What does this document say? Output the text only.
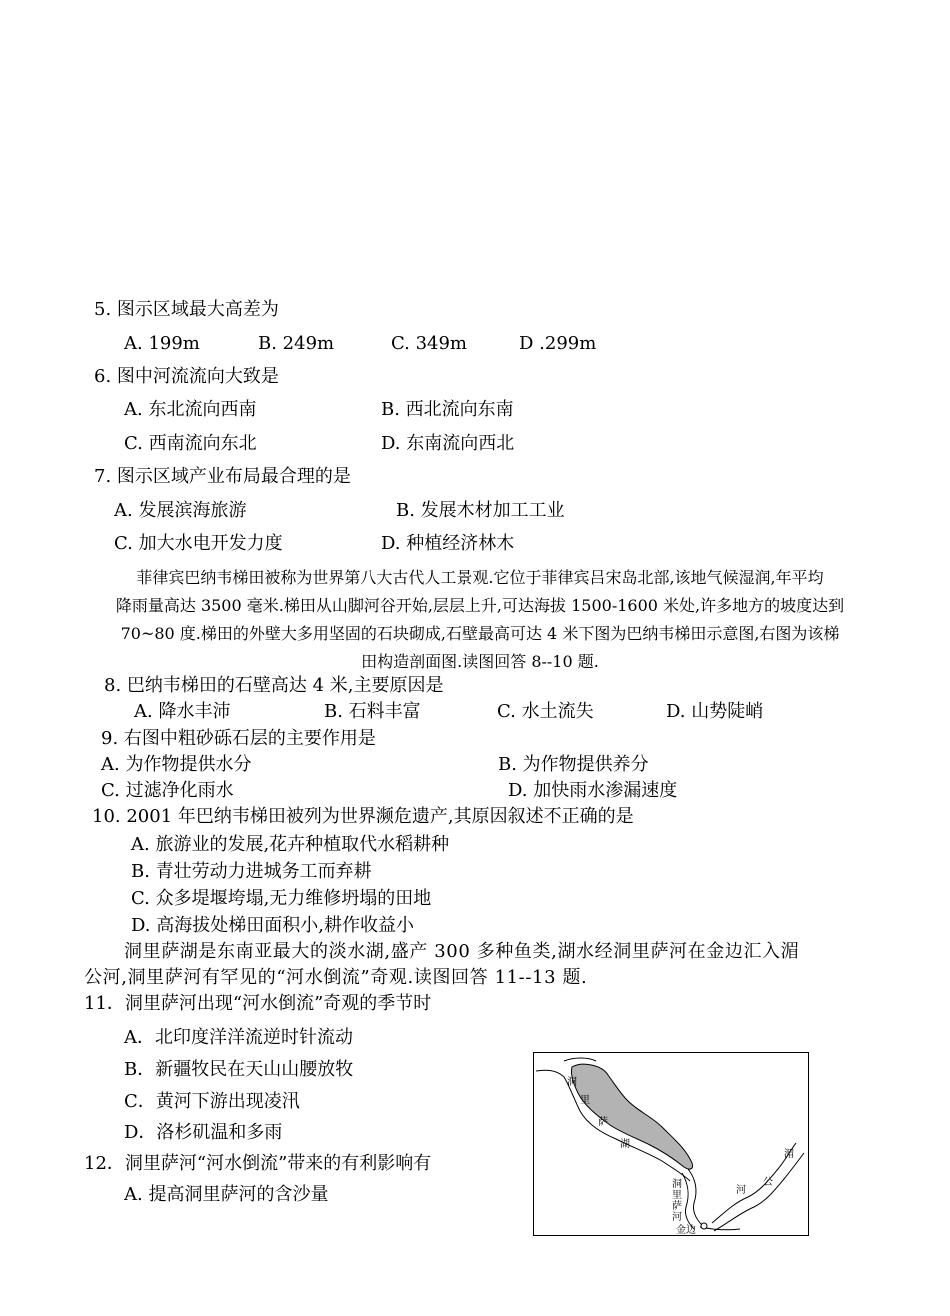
5. 图示区域最大高差为
A. 199m	B. 249m	C. 349m	D .299m
6. 图中河流流向大致是
A. 东北流向西南	B. 西北流向东南
C. 西南流向东北	D. 东南流向西北
7. 图示区域产业布局最合理的是
A. 发展滨海旅游	B. 发展木材加工工业
C. 加大水电开发力度	D. 种植经济林木
菲律宾巴纳韦梯田被称为世界第八大古代人工景观.它位于菲律宾吕宋岛北部,该地气候湿润,年平均
降雨量高达 3500 毫米.梯田从山脚河谷开始,层层上升,可达海拔 1500-1600 米处,许多地方的坡度达到
70~80 度.梯田的外壁大多用坚固的石块砌成,石壁最高可达 4 米下图为巴纳韦梯田示意图,右图为该梯
田构造剖面图.读图回答 8--10 题.
8. 巴纳韦梯田的石壁高达 4 米,主要原因是
A. 降水丰沛	B. 石料丰富	C. 水土流失	D. 山势陡峭
9. 右图中粗砂砾石层的主要作用是
A. 为作物提供水分	B. 为作物提供养分
C. 过滤净化雨水	D. 加快雨水渗漏速度
10. 2001 年巴纳韦梯田被列为世界濒危遗产,其原因叙述不正确的是
A. 旅游业的发展,花卉种植取代水稻耕种
B. 青壮劳动力进城务工而弃耕
C. 众多堤堰垮塌,无力维修坍塌的田地
D. 高海拔处梯田面积小,耕作收益小
洞里萨湖是东南亚最大的淡水湖,盛产 300 多种鱼类,湖水经洞里萨河在金边汇入湄
公河,洞里萨河有罕见的“河水倒流”奇观.读图回答 11--13 题.
11．洞里萨河出现“河水倒流”奇观的季节时
A．北印度洋洋流逆时针流动
B．新疆牧民在天山山腰放牧
C．黄河下游出现凌汛
D．洛杉矶温和多雨
12．洞里萨河“河水倒流”带来的有利影响有
A. 提高洞里萨河的含沙量
洞
里
萨
湖
洞
里
萨
河
湄
公
河
金边
